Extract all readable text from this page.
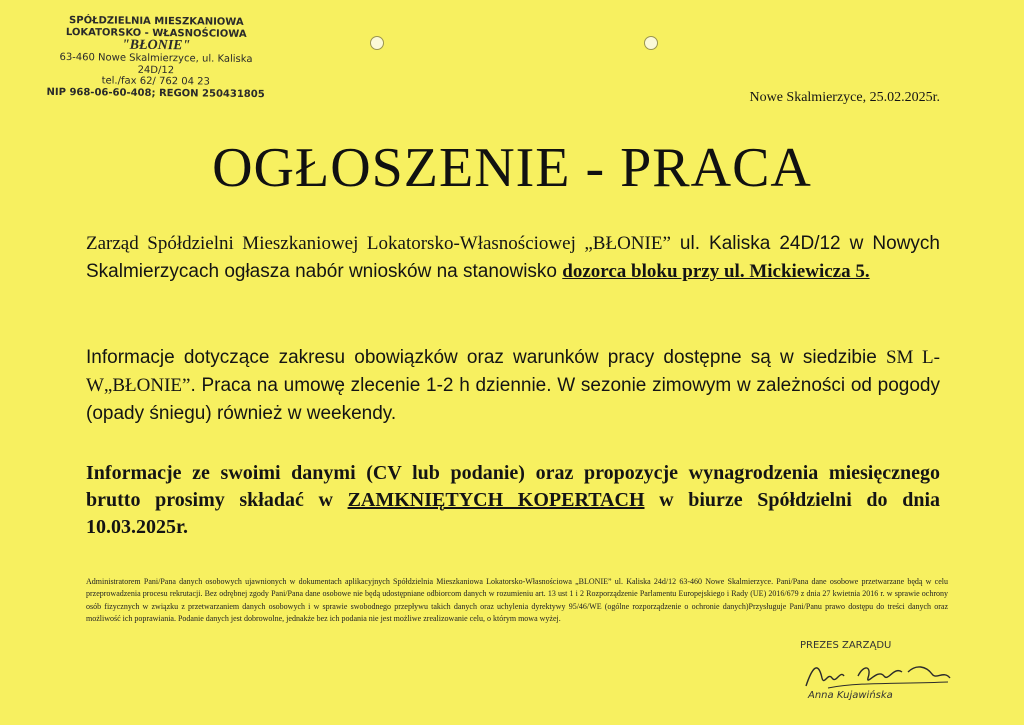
SPÓŁDZIELNIA MIESZKANIOWA
LOKATORSKO - WŁASNOŚCIOWA
"BŁONIE"
63-460 Nowe Skalmierzyce, ul. Kaliska 24D/12
tel./fax 62/ 762 04 23
NIP 968-06-60-408; REGON 250431805	Nowe Skalmierzyce, 25.02.2025r.
OGŁOSZENIE - PRACA
Zarząd Spółdzielni Mieszkaniowej Lokatorsko-Własnościowej „BŁONIE” ul. Kaliska 24D/12 w Nowych Skalmierzycach ogłasza nabór wniosków na stanowisko dozorca bloku przy ul. Mickiewicza 5.
Informacje dotyczące zakresu obowiązków oraz warunków pracy dostępne są w siedzibie SM L-W„BŁONIE”. Praca na umowę zlecenie 1-2 h dziennie. W sezonie zimowym w zależności od pogody (opady śniegu) również w weekendy.
Informacje ze swoimi danymi (CV lub podanie) oraz propozycje wynagrodzenia miesięcznego brutto prosimy składać w ZAMKNIĘTYCH KOPERTACH w biurze Spółdzielni do dnia 10.03.2025r.
Administratorem Pani/Pana danych osobowych ujawnionych w dokumentach aplikacyjnych Spółdzielnia Mieszkaniowa Lokatorsko-Własnościowa „BLONIE” ul. Kaliska 24d/12 63-460 Nowe Skalmierzyce. Pani/Pana dane osobowe przetwarzane będą w celu przeprowadzenia procesu rekrutacji. Bez odrębnej zgody Pani/Pana dane osobowe nie będą udostępniane odbiorcom danych w rozumieniu art. 13 ust 1 i 2 Rozporządzenie Parlamentu Europejskiego i Rady (UE) 2016/679 z dnia 27 kwietnia 2016 r. w sprawie ochrony osób fizycznych w związku z przetwarzaniem danych osobowych i w sprawie swobodnego przepływu takich danych oraz uchylenia dyrektywy 95/46/WE (ogólne rozporządzenie o ochronie danych)Przysługuje Pani/Panu prawo dostępu do treści danych oraz możliwość ich poprawiania. Podanie danych jest dobrowolne, jednakże bez ich podania nie jest możliwe zrealizowanie celu, o którym mowa wyżej.
PREZES ZARZĄDU
Anna Kujawińska
